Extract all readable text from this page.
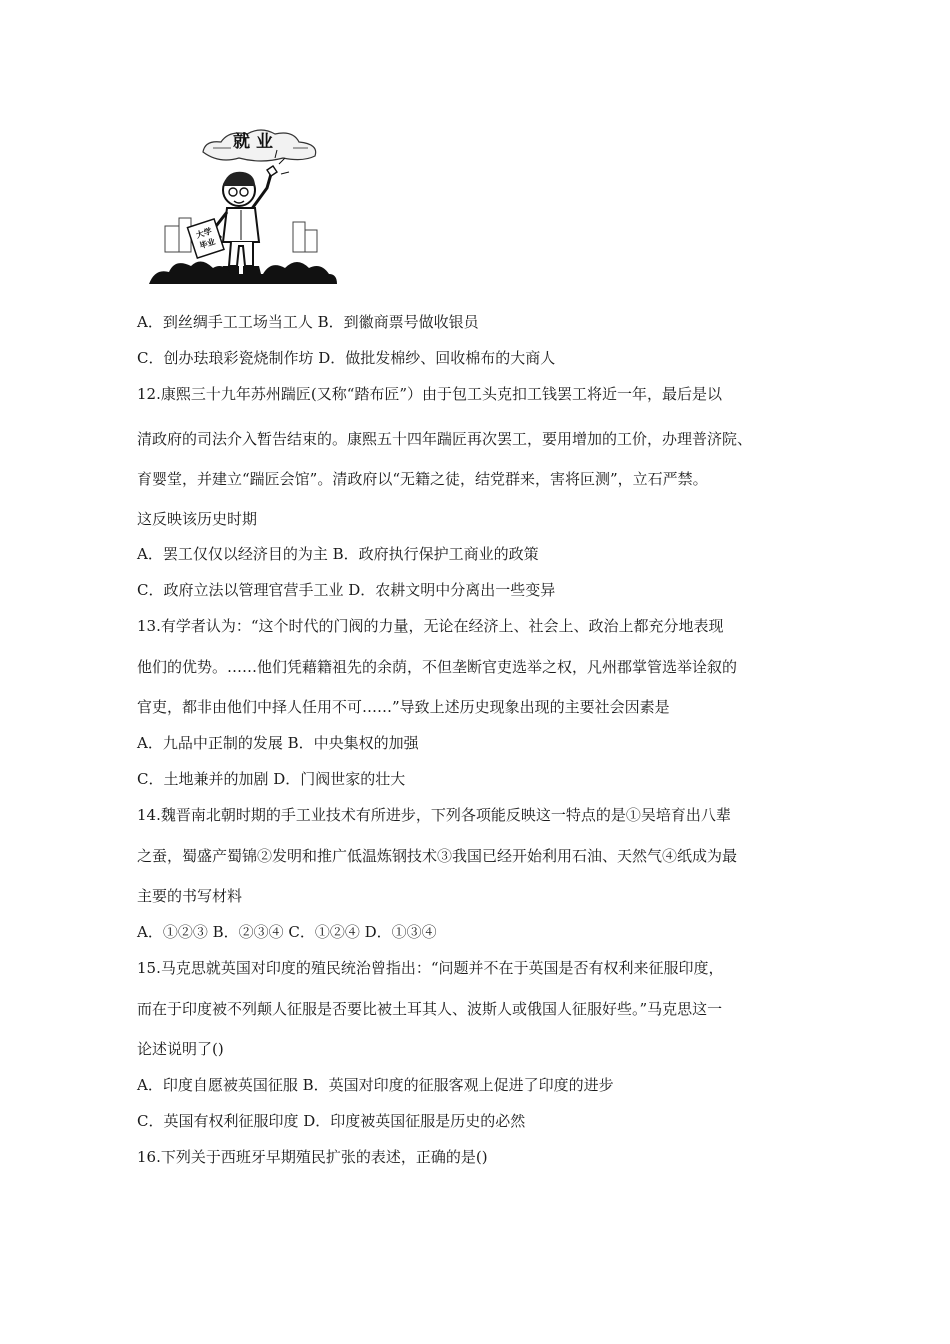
大学
毕业
就业
A．到丝绸手工工场当工人 B．到徽商票号做收银员
C．创办珐琅彩瓷烧制作坊 D．做批发棉纱、回收棉布的大商人
12.康熙三十九年苏州踹匠(又称“踏布匠”）由于包工头克扣工钱罢工将近一年，最后是以
清政府的司法介入暂告结束的。康熙五十四年踹匠再次罢工，要用增加的工价，办理普济院、
育婴堂，并建立“踹匠会馆”。清政府以“无籍之徒，结党群来，害将叵测”，立石严禁。
这反映该历史时期
A．罢工仅仅以经济目的为主 B．政府执行保护工商业的政策
C．政府立法以管理官营手工业 D．农耕文明中分离出一些变异
13.有学者认为：“这个时代的门阀的力量，无论在经济上、社会上、政治上都充分地表现
他们的优势。……他们凭藉籍祖先的余荫，不但垄断官吏选举之权，凡州郡掌管选举诠叙的
官吏，都非由他们中择人任用不可……”导致上述历史现象出现的主要社会因素是
A．九品中正制的发展 B．中央集权的加强
C．土地兼并的加剧 D．门阀世家的壮大
14.魏晋南北朝时期的手工业技术有所进步，下列各项能反映这一特点的是①吴培育出八辈
之蚕，蜀盛产蜀锦②发明和推广低温炼钢技术③我国已经开始利用石油、天然气④纸成为最
主要的书写材料
A．①②③ B．②③④ C．①②④ D．①③④
15.马克思就英国对印度的殖民统治曾指出：“问题并不在于英国是否有权利来征服印度，
而在于印度被不列颠人征服是否要比被土耳其人、波斯人或俄国人征服好些。”马克思这一
论述说明了()
A．印度自愿被英国征服 B．英国对印度的征服客观上促进了印度的进步
C．英国有权利征服印度 D．印度被英国征服是历史的必然
16.下列关于西班牙早期殖民扩张的表述，正确的是()
